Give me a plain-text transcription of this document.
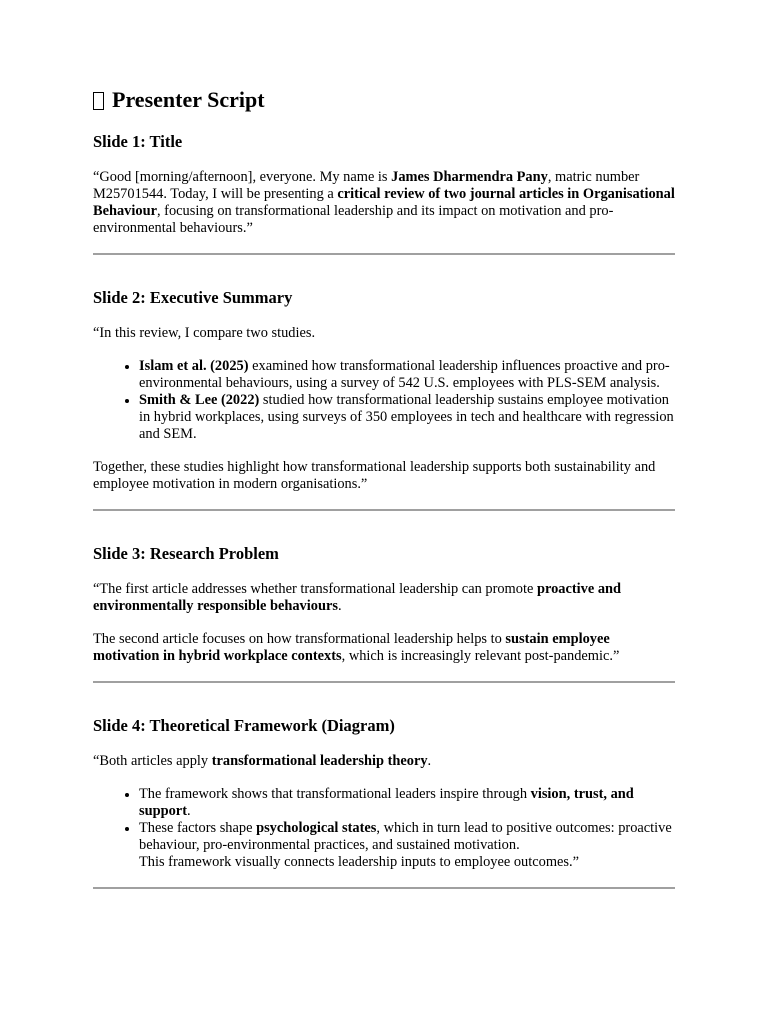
Presenter Script
Slide 1: Title

“Good [morning/afternoon], everyone. My name is James Dharmendra Pany, matric number M25701544. Today, I will be presenting a critical review of two journal articles in Organisational Behaviour, focusing on transformational leadership and its impact on motivation and pro-environmental behaviours.”

Slide 2: Executive Summary

“In this review, I compare two studies.

• Islam et al. (2025) examined how transformational leadership influences proactive and pro-environmental behaviours, using a survey of 542 U.S. employees with PLS-SEM analysis.
• Smith & Lee (2022) studied how transformational leadership sustains employee motivation in hybrid workplaces, using surveys of 350 employees in tech and healthcare with regression and SEM.

Together, these studies highlight how transformational leadership supports both sustainability and employee motivation in modern organisations.”

Slide 3: Research Problem

“The first article addresses whether transformational leadership can promote proactive and environmentally responsible behaviours.

The second article focuses on how transformational leadership helps to sustain employee motivation in hybrid workplace contexts, which is increasingly relevant post-pandemic.”

Slide 4: Theoretical Framework (Diagram)

“Both articles apply transformational leadership theory.

• The framework shows that transformational leaders inspire through vision, trust, and support.
• These factors shape psychological states, which in turn lead to positive outcomes: proactive behaviour, pro-environmental practices, and sustained motivation.
This framework visually connects leadership inputs to employee outcomes.”
